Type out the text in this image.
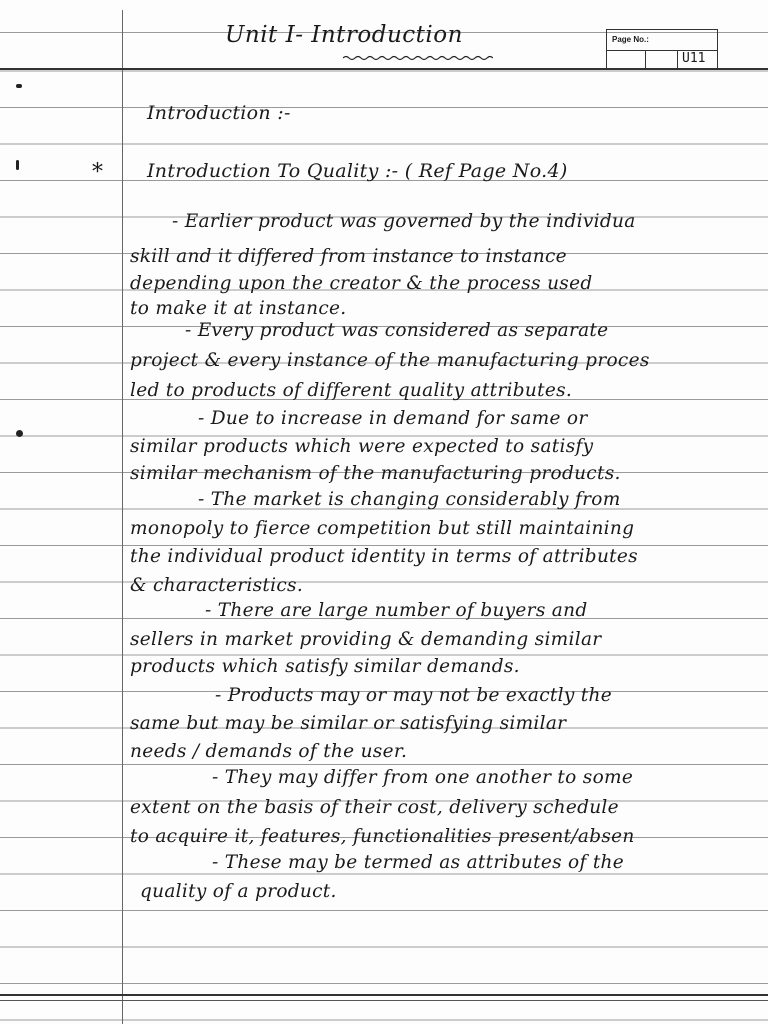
Unit I- Introduction	Page No.:
U11
Introduction :-
* Introduction To Quality :- ( Ref Page No.4)
- Earlier product was governed by the individua
skill and it differed from instance to instance
depending upon the creator & the process used
to make it at instance.
- Every product was considered as separate
project & every instance of the manufacturing proces
led to products of different quality attributes.
- Due to increase in demand for same or
similar products which were expected to satisfy
similar mechanism of the manufacturing products.
- The market is changing considerably from
monopoly to fierce competition but still maintaining
the individual product identity in terms of attributes
& characteristics.
- There are large number of buyers and
sellers in market providing & demanding similar
products which satisfy similar demands.
- Products may or may not be exactly the
same but may be similar or satisfying similar
needs / demands of the user.
- They may differ from one another to some
extent on the basis of their cost, delivery schedule
to acquire it, features, functionalities present/absen
- These may be termed as attributes of the
quality of a product.
